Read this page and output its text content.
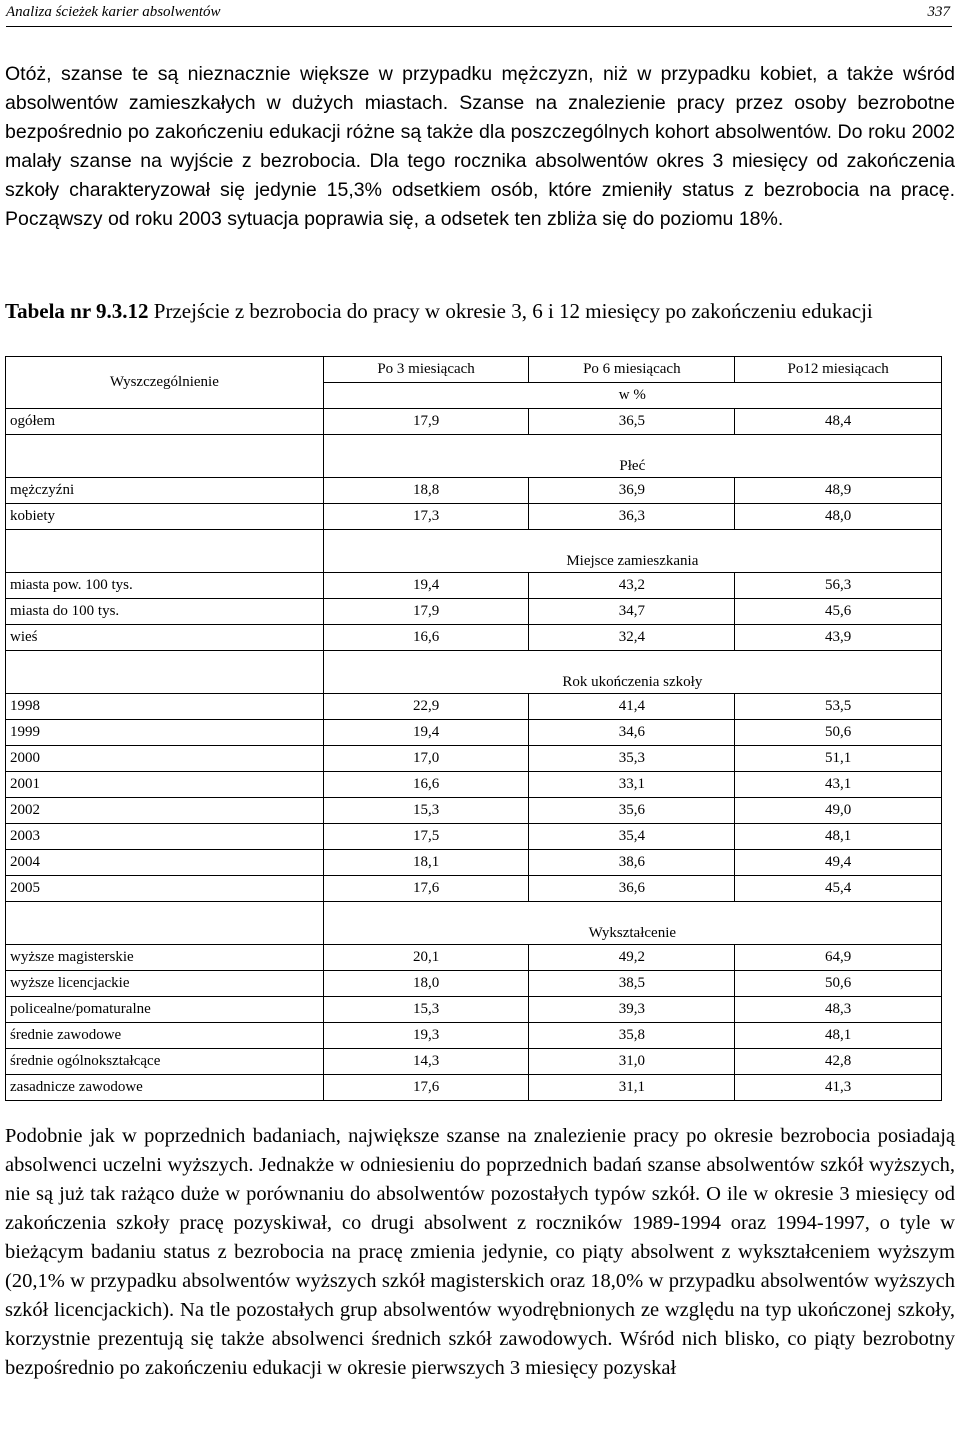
Analiza ścieżek karier absolwentów	337

Otóż, szanse te są nieznacznie większe w przypadku mężczyzn, niż w przypadku kobiet, a także wśród absolwentów zamieszkałych w dużych miastach. Szanse na znalezienie pracy przez osoby bezrobotne bezpośrednio po zakończeniu edukacji różne są także dla poszczególnych kohort absolwentów. Do roku 2002 malały szanse na wyjście z bezrobocia. Dla tego rocznika absolwentów okres 3 miesięcy od zakończenia szkoły charakteryzował się jedynie 15,3% odsetkiem osób, które zmieniły status z bezrobocia na pracę. Począwszy od roku 2003 sytuacja poprawia się, a odsetek ten zbliża się do poziomu 18%.

Tabela nr 9.3.12 Przejście z bezrobocia do pracy w okresie 3, 6 i 12 miesięcy po zakończeniu edukacji

Wyszczególnienie	Po 3 miesiącach	Po 6 miesiącach	Po12 miesiącach
	w %		
ogółem	17,9	36,5	48,4
	Płeć		
mężczyźni	18,8	36,9	48,9
kobiety	17,3	36,3	48,0
	Miejsce zamieszkania		
miasta pow. 100 tys.	19,4	43,2	56,3
miasta do 100 tys.	17,9	34,7	45,6
wieś	16,6	32,4	43,9
	Rok ukończenia szkoły		
1998	22,9	41,4	53,5
1999	19,4	34,6	50,6
2000	17,0	35,3	51,1
2001	16,6	33,1	43,1
2002	15,3	35,6	49,0
2003	17,5	35,4	48,1
2004	18,1	38,6	49,4
2005	17,6	36,6	45,4
	Wykształcenie		
wyższe magisterskie	20,1	49,2	64,9
wyższe licencjackie	18,0	38,5	50,6
policealne/pomaturalne	15,3	39,3	48,3
średnie zawodowe	19,3	35,8	48,1
średnie ogólnokształcące	14,3	31,0	42,8
zasadnicze zawodowe	17,6	31,1	41,3

Podobnie jak w poprzednich badaniach, największe szanse na znalezienie pracy po okresie bezrobocia posiadają absolwenci uczelni wyższych. Jednakże w odniesieniu do poprzednich badań szanse absolwentów szkół wyższych, nie są już tak rażąco duże w porównaniu do absolwentów pozostałych typów szkół. O ile w okresie 3 miesięcy od zakończenia szkoły pracę pozyskiwał, co drugi absolwent z roczników 1989-1994 oraz 1994-1997, o tyle w bieżącym badaniu status z bezrobocia na pracę zmienia jedynie, co piąty absolwent z wykształceniem wyższym (20,1% w przypadku absolwentów wyższych szkół magisterskich oraz 18,0% w przypadku absolwentów wyższych szkół licencjackich). Na tle pozostałych grup absolwentów wyodrębnionych ze względu na typ ukończonej szkoły, korzystnie prezentują się także absolwenci średnich szkół zawodowych. Wśród nich blisko, co piąty bezrobotny bezpośrednio po zakończeniu edukacji w okresie pierwszych 3 miesięcy pozyskał
